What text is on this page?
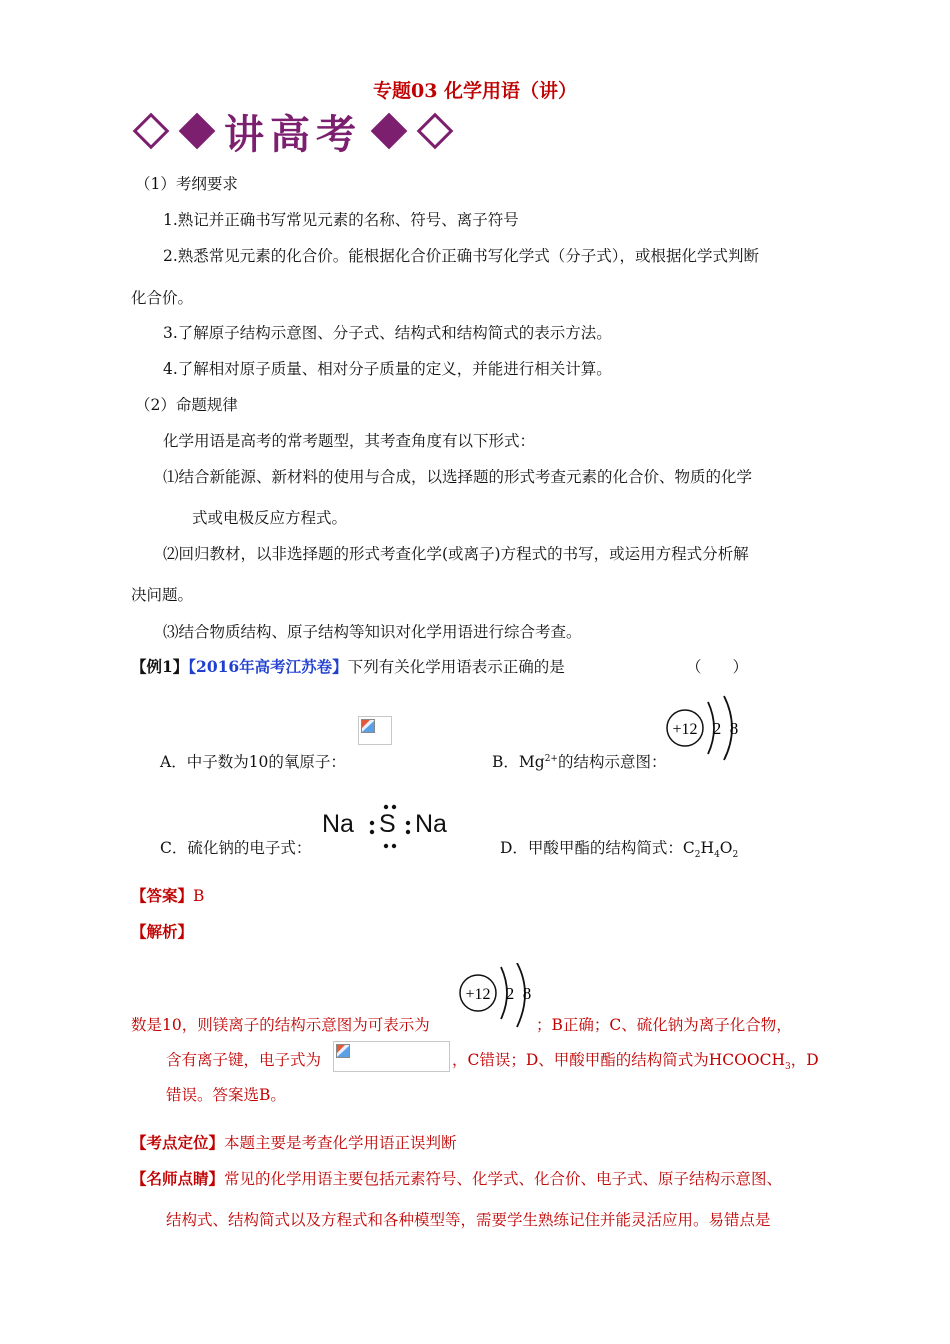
专题03 化学用语（讲）
讲高考
（1）考纲要求
1.熟记并正确书写常见元素的名称、符号、离子符号
2.熟悉常见元素的化合价。能根据化合价正确书写化学式（分子式），或根据化学式判断
化合价。
3.了解原子结构示意图、分子式、结构式和结构简式的表示方法。
4.了解相对原子质量、相对分子质量的定义，并能进行相关计算。
（2）命题规律
化学用语是高考的常考题型，其考查角度有以下形式：
⑴结合新能源、新材料的使用与合成，以选择题的形式考查元素的化合价、物质的化学
式或电极反应方程式。
⑵回归教材，以非选择题的形式考查化学(或离子)方程式的书写，或运用方程式分析解
决问题。
⑶结合物质结构、原子结构等知识对化学用语进行综合考查。
【例1】【2016年高考江苏卷】下列有关化学用语表示正确的是	（　　）
A．中子数为10的氧原子：	B．$Mg^{2+}$的结构示意图：
+12 2 8
C．硫化钠的电子式：
Na S Na
D．甲酸甲酯的结构简式：$C_2H_4O_2$
【答案】B
【解析】
+12 2 8
数是10，则镁离子的结构示意图为可表示为	；B正确；C、硫化钠为离子化合物，
含有离子键，电子式为	，C错误；D、甲酸甲酯的结构简式为$HCOOCH_3$，D
错误。答案选B。
【考点定位】本题主要是考查化学用语正误判断
【名师点睛】常见的化学用语主要包括元素符号、化学式、化合价、电子式、原子结构示意图、
结构式、结构简式以及方程式和各种模型等，需要学生熟练记住并能灵活应用。易错点是
